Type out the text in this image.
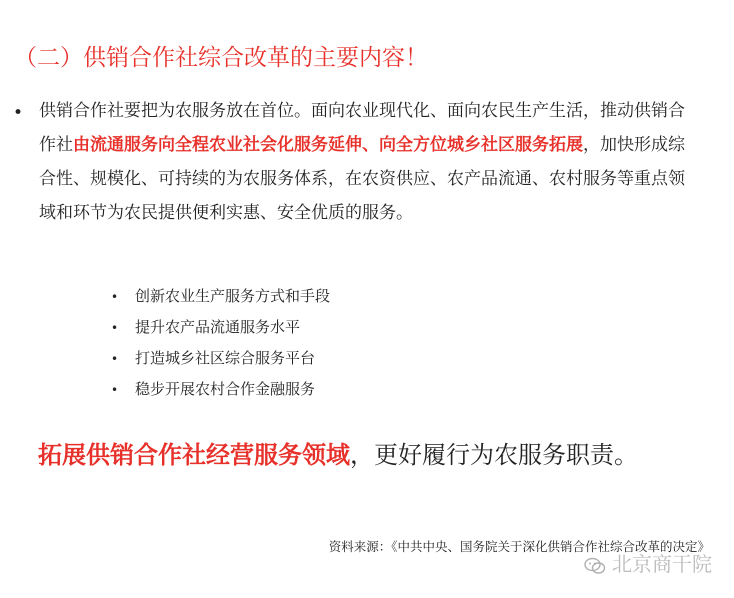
（二）供销合作社综合改革的主要内容！
• 供销合作社要把为农服务放在首位。面向农业现代化、面向农民生产生活，推动供销合作社由流通服务向全程农业社会化服务延伸、向全方位城乡社区服务拓展，加快形成综合性、规模化、可持续的为农服务体系，在农资供应、农产品流通、农村服务等重点领域和环节为农民提供便利实惠、安全优质的服务。
• 创新农业生产服务方式和手段
• 提升农产品流通服务水平
• 打造城乡社区综合服务平台
• 稳步开展农村合作金融服务
拓展供销合作社经营服务领域，更好履行为农服务职责。
资料来源：《中共中央、国务院关于深化供销合作社综合改革的决定》
北京商干院
